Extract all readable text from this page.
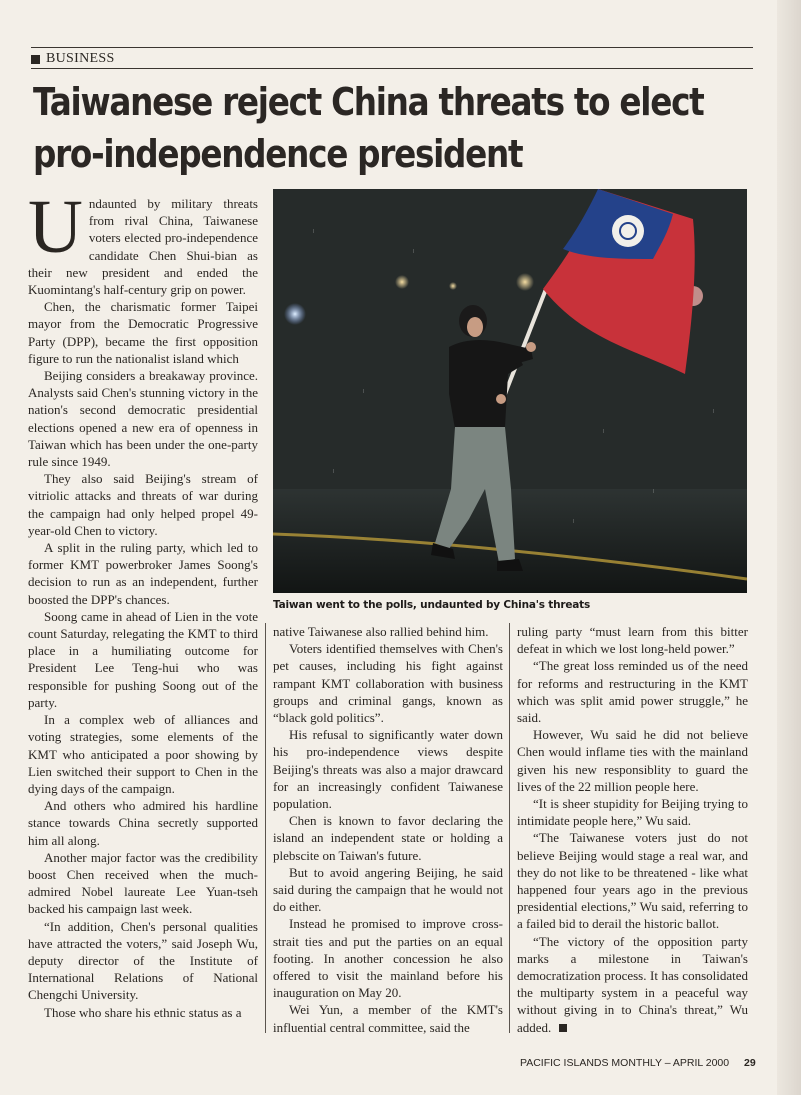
BUSINESS
Taiwanese reject China threats to elect
pro-independence president

Undaunted by military threats from rival China, Taiwanese voters elected pro-independence candidate Chen Shui-bian as their new president and ended the Kuomintang's half-century grip on power.

Chen, the charismatic former Taipei mayor from the Democratic Progressive Party (DPP), became the first opposition figure to run the nationalist island which

Beijing considers a breakaway province. Analysts said Chen's stunning victory in the nation's second democratic presidential elections opened a new era of openness in Taiwan which has been under the one-party rule since 1949.

They also said Beijing's stream of vitriolic attacks and threats of war during the campaign had only helped propel 49-year-old Chen to victory.

A split in the ruling party, which led to former KMT powerbroker James Soong's decision to run as an independent, further boosted the DPP's chances.

Soong came in ahead of Lien in the vote count Saturday, relegating the KMT to third place in a humiliating outcome for President Lee Teng-hui who was responsible for pushing Soong out of the party.

In a complex web of alliances and voting strategies, some elements of the KMT who anticipated a poor showing by Lien switched their support to Chen in the dying days of the campaign.

And others who admired his hardline stance towards China secretly supported him all along.

Another major factor was the credibility boost Chen received when the much-admired Nobel laureate Lee Yuan-tseh backed his campaign last week.

“In addition, Chen's personal qualities have attracted the voters,” said Joseph Wu, deputy director of the Institute of International Relations of National Chengchi University.

Those who share his ethnic status as a

Taiwan went to the polls, undaunted by China's threats

native Taiwanese also rallied behind him.

Voters identified themselves with Chen's pet causes, including his fight against rampant KMT collaboration with business groups and criminal gangs, known as “black gold politics”.

His refusal to significantly water down his pro-independence views despite Beijing's threats was also a major drawcard for an increasingly confident Taiwanese population.

Chen is known to favor declaring the island an independent state or holding a plebscite on Taiwan's future.

But to avoid angering Beijing, he said said during the campaign that he would not do either.

Instead he promised to improve cross-strait ties and put the parties on an equal footing. In another concession he also offered to visit the mainland before his inauguration on May 20.

Wei Yun, a member of the KMT's influential central committee, said the

ruling party “must learn from this bitter defeat in which we lost long-held power.”

“The great loss reminded us of the need for reforms and restructuring in the KMT which was split amid power struggle,” he said.

However, Wu said he did not believe Chen would inflame ties with the mainland given his new responsiblity to guard the lives of the 22 million people here.

“It is sheer stupidity for Beijing trying to intimidate people here,” Wu said.

“The Taiwanese voters just do not believe Beijing would stage a real war, and they do not like to be threatened - like what happened four years ago in the previous presidential elections,” Wu said, referring to a failed bid to derail the historic ballot.

“The victory of the opposition party marks a milestone in Taiwan's democratization process. It has consolidated the multiparty system in a peaceful way without giving in to China's threat,” Wu added.

PACIFIC ISLANDS MONTHLY – APRIL 2000 29
